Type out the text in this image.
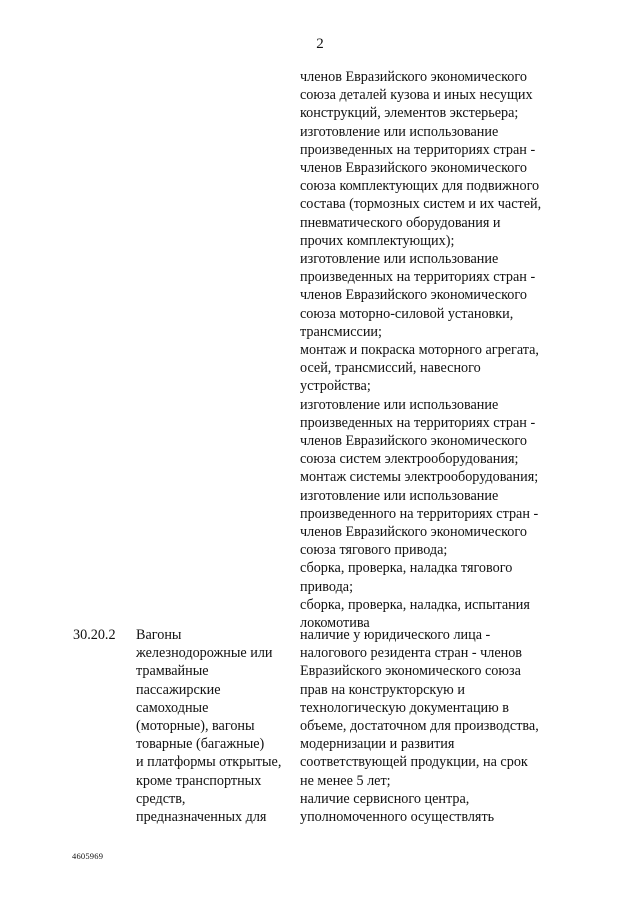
2
членов Евразийского экономического
союза деталей кузова и иных несущих
конструкций, элементов экстерьера;
изготовление или использование
произведенных на территориях стран -
членов Евразийского экономического
союза комплектующих для подвижного
состава (тормозных систем и их частей,
пневматического оборудования и
прочих комплектующих);
изготовление или использование
произведенных на территориях стран -
членов Евразийского экономического
союза моторно-силовой установки,
трансмиссии;
монтаж и покраска моторного агрегата,
осей, трансмиссий, навесного
устройства;
изготовление или использование
произведенных на территориях стран -
членов Евразийского экономического
союза систем электрооборудования;
монтаж системы электрооборудования;
изготовление или использование
произведенного на территориях стран -
членов Евразийского экономического
союза тягового привода;
сборка, проверка, наладка тягового
привода;
сборка, проверка, наладка, испытания
локомотива
30.20.2 Вагоны
железнодорожные или
трамвайные
пассажирские
самоходные
(моторные), вагоны
товарные (багажные)
и платформы открытые,
кроме транспортных
средств,
предназначенных для
наличие у юридического лица -
налогового резидента стран - членов
Евразийского экономического союза
прав на конструкторскую и
технологическую документацию в
объеме, достаточном для производства,
модернизации и развития
соответствующей продукции, на срок
не менее 5 лет;
наличие сервисного центра,
уполномоченного осуществлять
4605969
